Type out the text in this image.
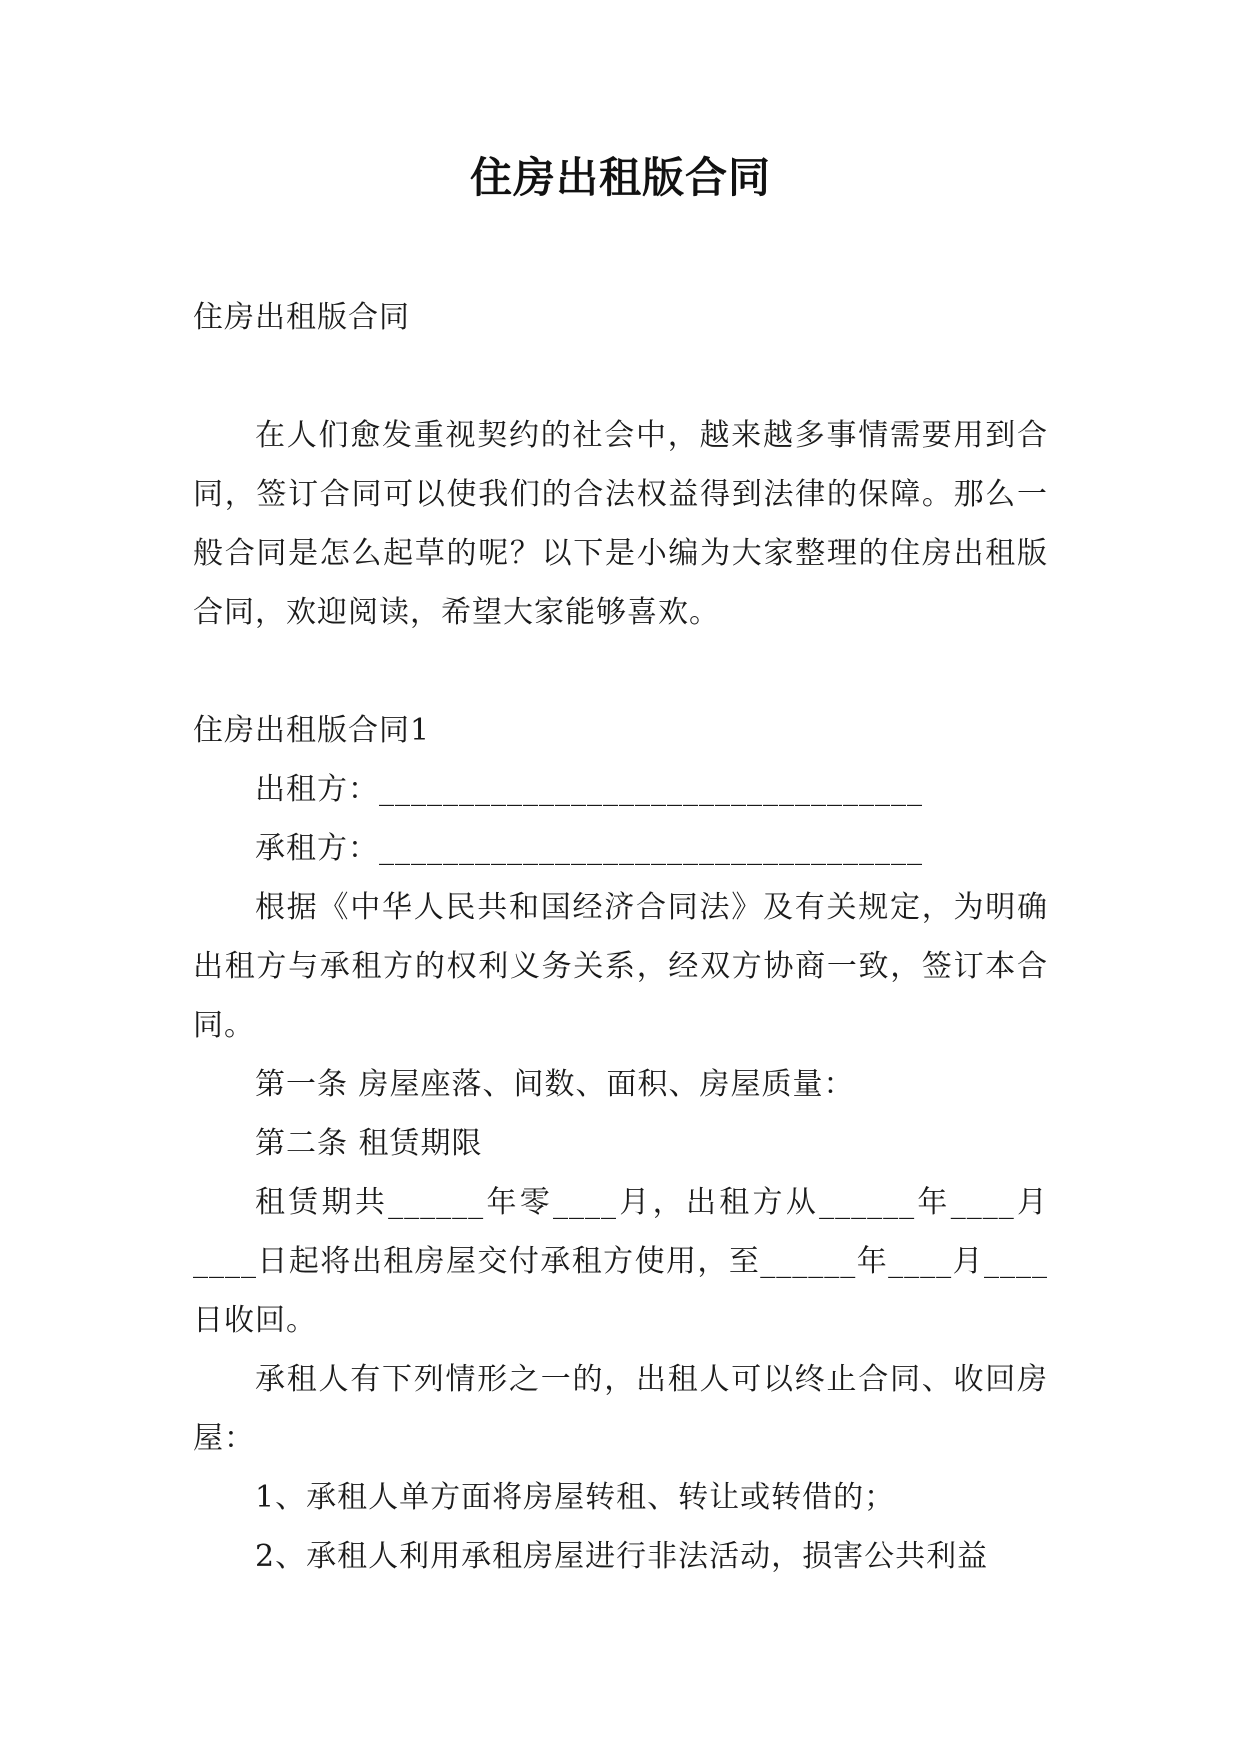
住房出租版合同

住房出租版合同

在人们愈发重视契约的社会中，越来越多事情需要用到合同，签订合同可以使我们的合法权益得到法律的保障。那么一般合同是怎么起草的呢？以下是小编为大家整理的住房出租版合同，欢迎阅读，希望大家能够喜欢。

住房出租版合同1

出租方：__________________________________

承租方：__________________________________

根据《中华人民共和国经济合同法》及有关规定，为明确出租方与承租方的权利义务关系，经双方协商一致，签订本合同。

第一条 房屋座落、间数、面积、房屋质量：

第二条 租赁期限

租赁期共______年零____月，出租方从______年____月____日起将出租房屋交付承租方使用，至______年____月____日收回。

承租人有下列情形之一的，出租人可以终止合同、收回房屋：

1、承租人单方面将房屋转租、转让或转借的；

2、承租人利用承租房屋进行非法活动，损害公共利益
